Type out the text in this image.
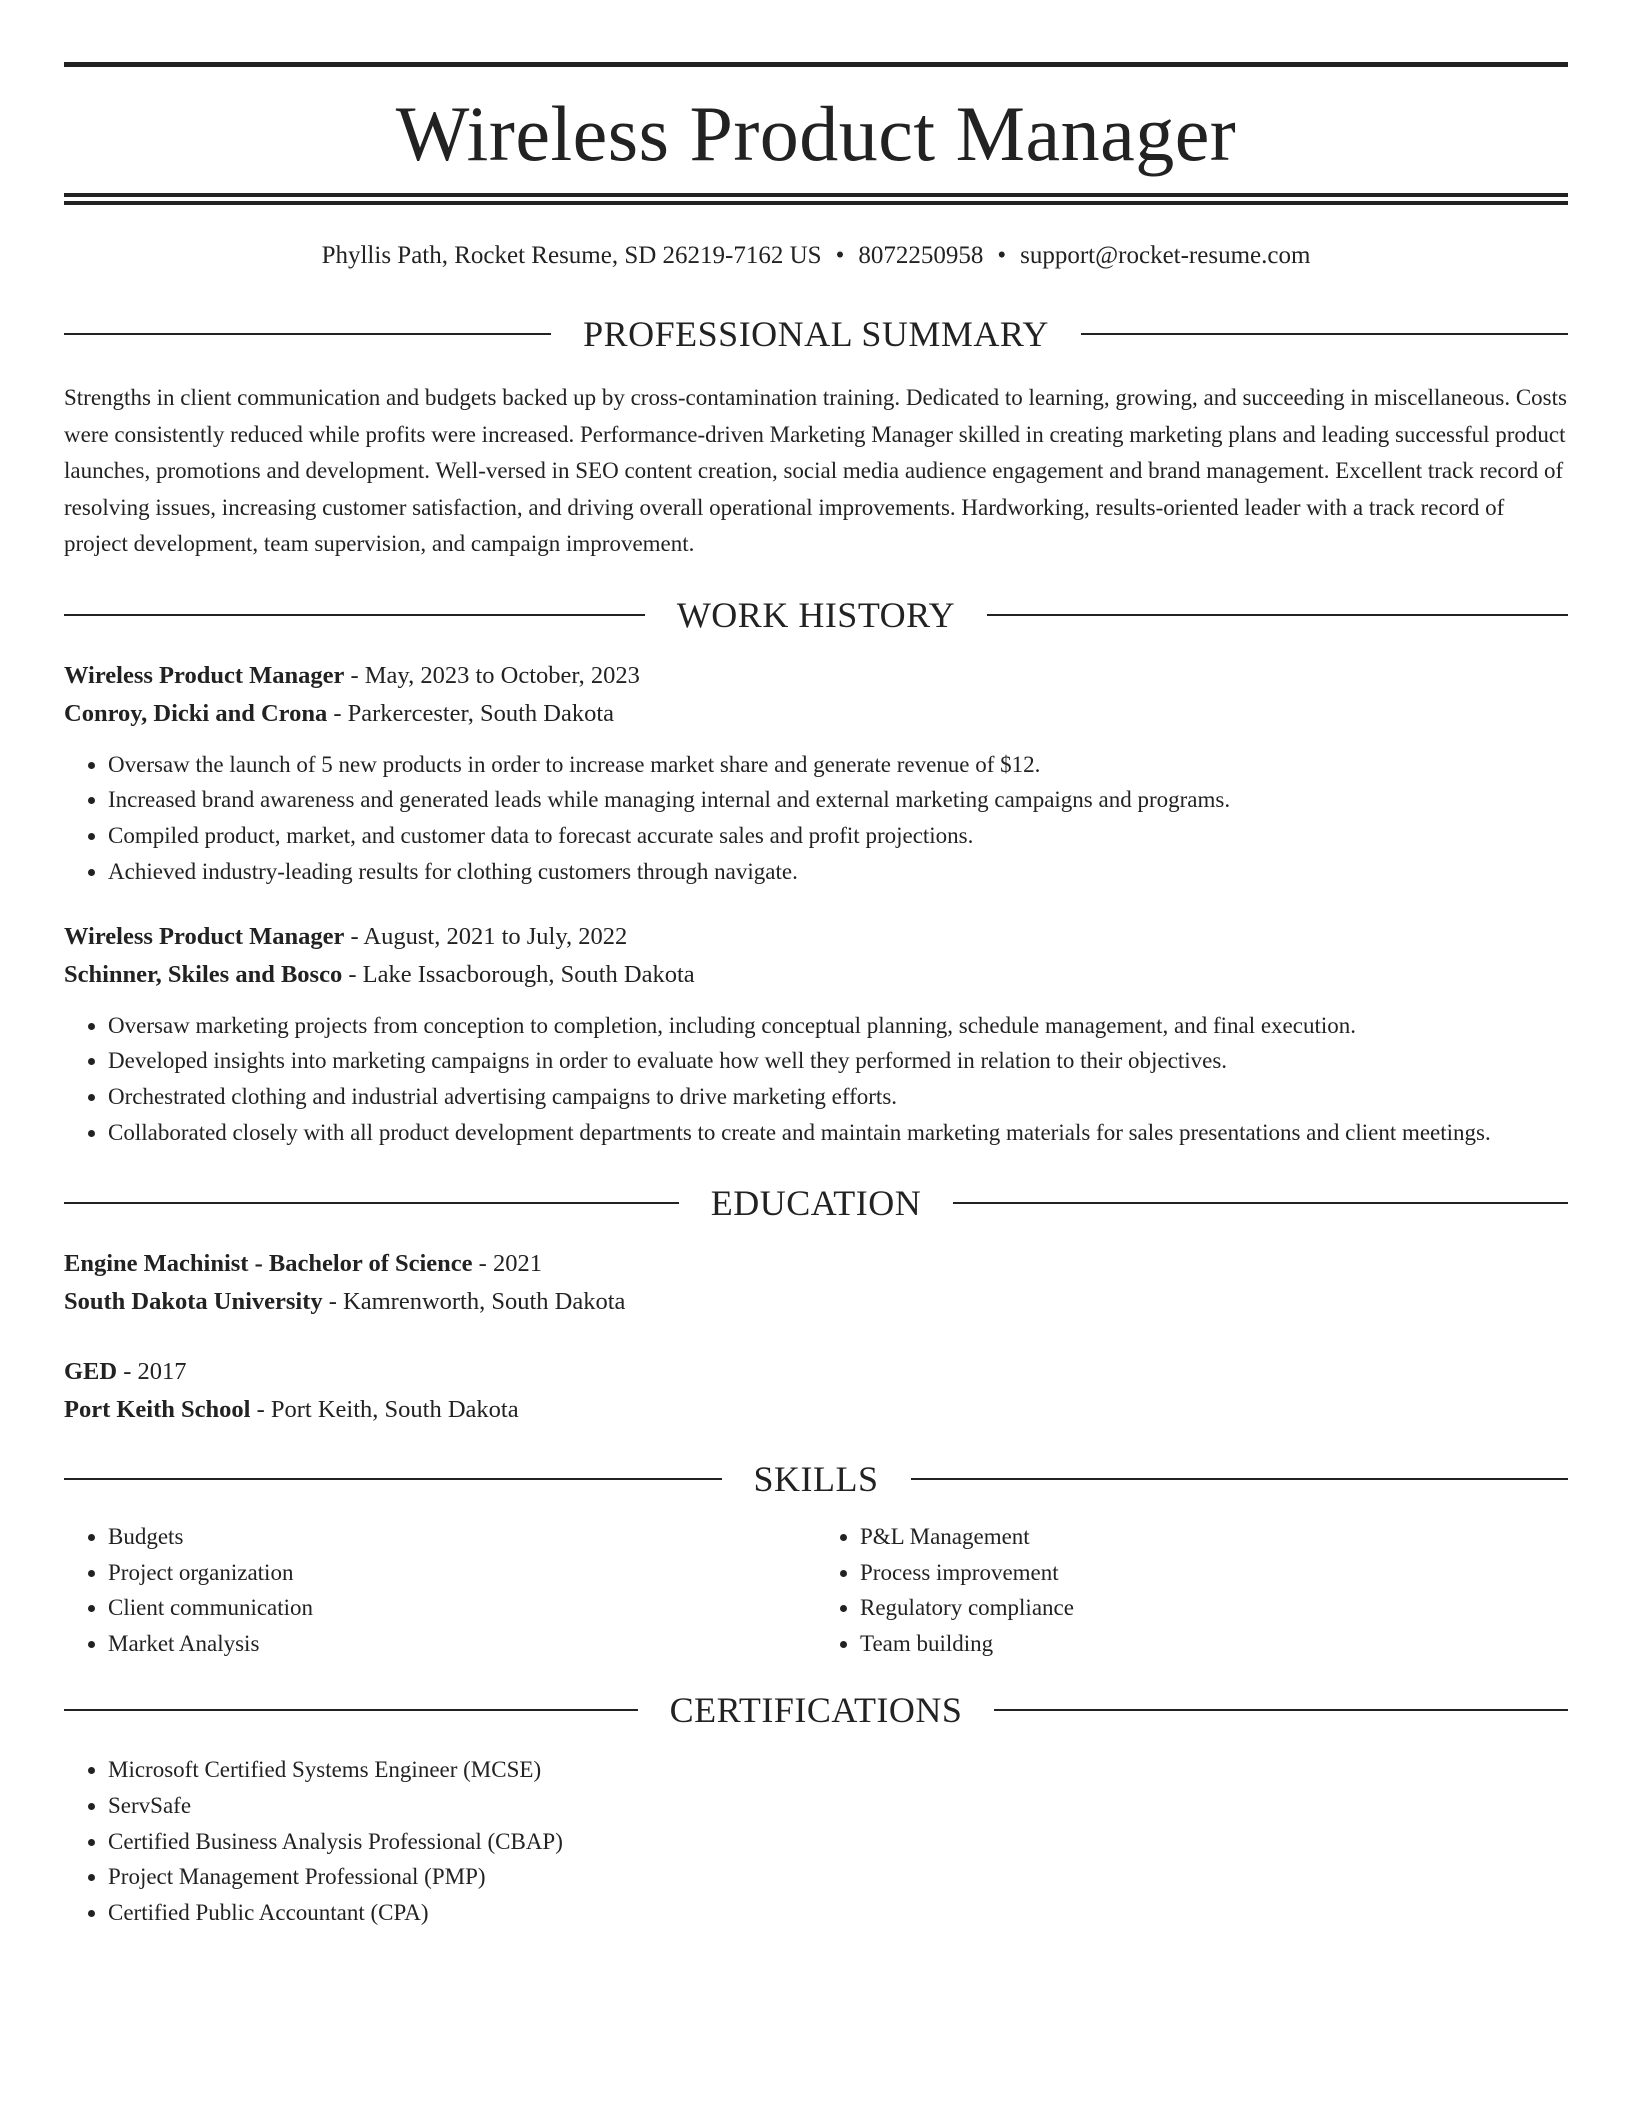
Wireless Product Manager
Phyllis Path, Rocket Resume, SD 26219-7162 US • 8072250958 • support@rocket-resume.com
PROFESSIONAL SUMMARY

Strengths in client communication and budgets backed up by cross-contamination training. Dedicated to learning, growing, and succeeding in miscellaneous. Costs were consistently reduced while profits were increased. Performance-driven Marketing Manager skilled in creating marketing plans and leading successful product launches, promotions and development. Well-versed in SEO content creation, social media audience engagement and brand management. Excellent track record of resolving issues, increasing customer satisfaction, and driving overall operational improvements. Hardworking, results-oriented leader with a track record of project development, team supervision, and campaign improvement.

WORK HISTORY
Wireless Product Manager - May, 2023 to October, 2023
Conroy, Dicki and Crona - Parkercester, South Dakota
• Oversaw the launch of 5 new products in order to increase market share and generate revenue of $12.
• Increased brand awareness and generated leads while managing internal and external marketing campaigns and programs.
• Compiled product, market, and customer data to forecast accurate sales and profit projections.
• Achieved industry-leading results for clothing customers through navigate.
Wireless Product Manager - August, 2021 to July, 2022
Schinner, Skiles and Bosco - Lake Issacborough, South Dakota
• Oversaw marketing projects from conception to completion, including conceptual planning, schedule management, and final execution.
• Developed insights into marketing campaigns in order to evaluate how well they performed in relation to their objectives.
• Orchestrated clothing and industrial advertising campaigns to drive marketing efforts.
• Collaborated closely with all product development departments to create and maintain marketing materials for sales presentations and client meetings.
EDUCATION
Engine Machinist - Bachelor of Science - 2021
South Dakota University - Kamrenworth, South Dakota
GED - 2017
Port Keith School - Port Keith, South Dakota
SKILLS
• Budgets
• Project organization
• Client communication
• Market Analysis
• P&L Management
• Process improvement
• Regulatory compliance
• Team building
CERTIFICATIONS
• Microsoft Certified Systems Engineer (MCSE)
• ServSafe
• Certified Business Analysis Professional (CBAP)
• Project Management Professional (PMP)
• Certified Public Accountant (CPA)
